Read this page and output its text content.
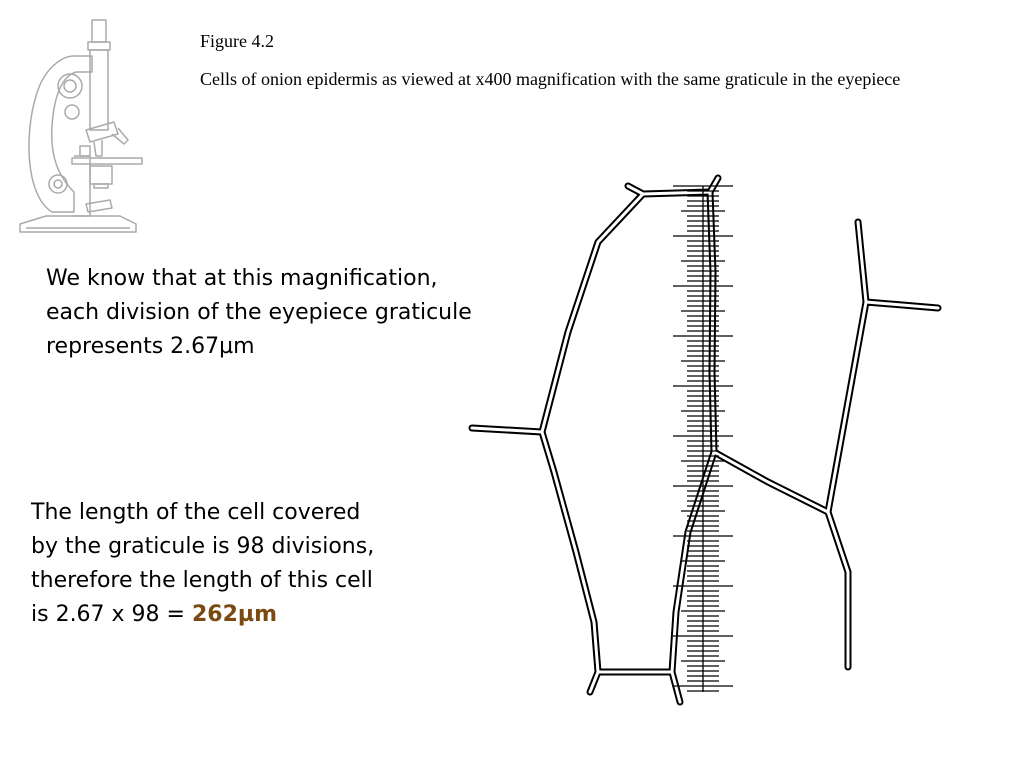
Figure 4.2
Cells of onion epidermis as viewed at x400 magnification with the same graticule in the eyepiece
We know that at this magnification,
each division of the eyepiece graticule
represents 2.67µm
The length of the cell covered
by the graticule is 98 divisions,
therefore the length of this cell
is 2.67 x 98 = 262µm
